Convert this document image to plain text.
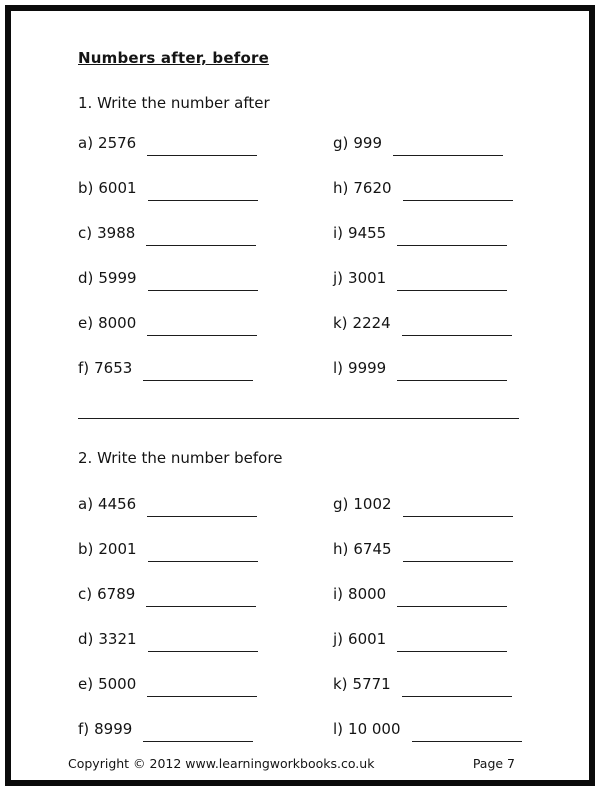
Numbers after, before
1. Write the number after
a) 2576
b) 6001
c) 3988
d) 5999
e) 8000
f) 7653
g) 999
h) 7620
i) 9455
j) 3001
k) 2224
l) 9999
2. Write the number before
a) 4456
b) 2001
c) 6789
d) 3321
e) 5000
f) 8999
g) 1002
h) 6745
i) 8000
j) 6001
k) 5771
l) 10 000
Copyright © 2012 www.learningworkbooks.co.uk	Page 7
